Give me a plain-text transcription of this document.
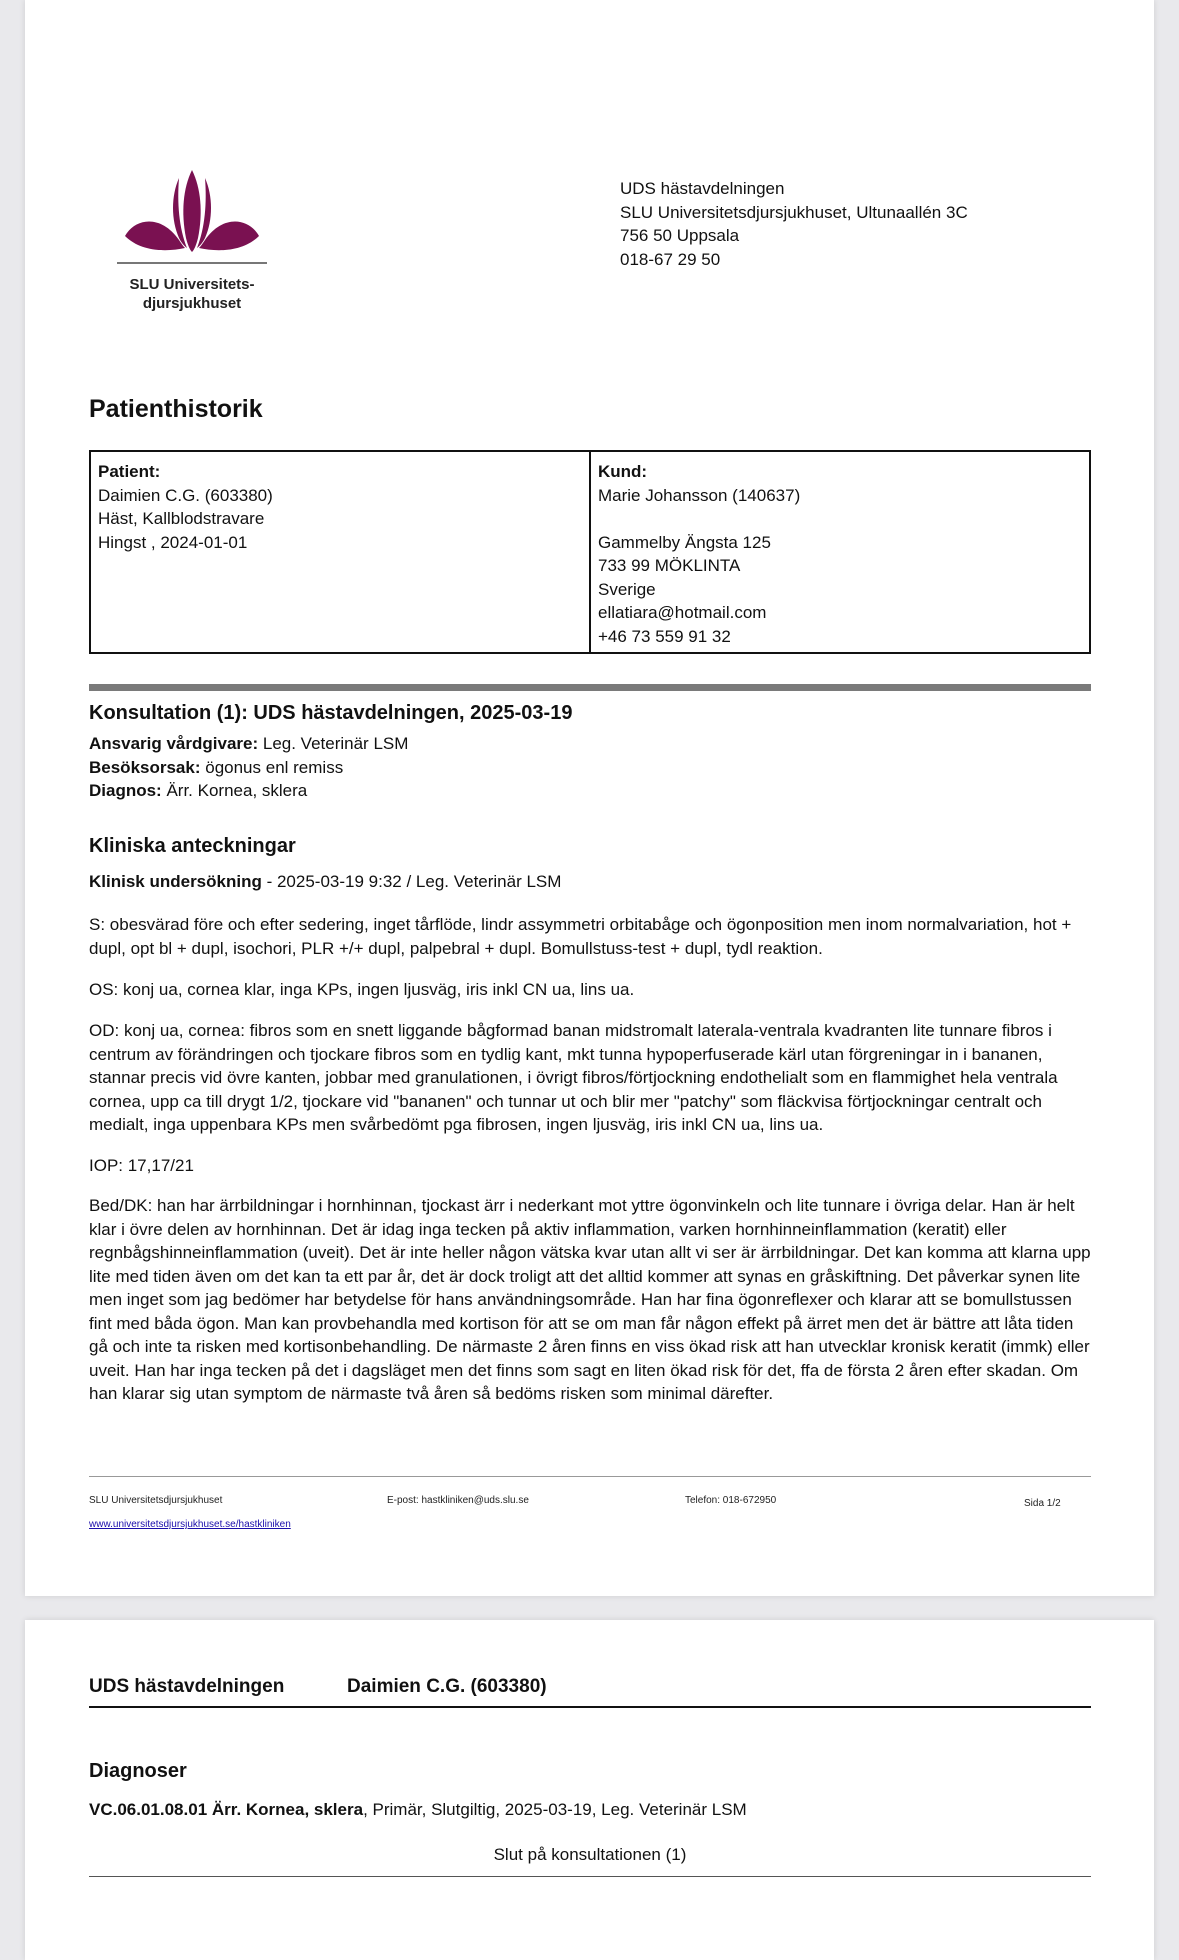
SLU Universitets-
djursjukhuset
UDS hästavdelningen
SLU Universitetsdjursjukhuset, Ultunaallén 3C
756 50 Uppsala
018-67 29 50
Patienthistorik
Patient:
Daimien C.G. (603380)
Häst, Kallblodstravare
Hingst , 2024-01-01
Kund:
Marie Johansson (140637)
Gammelby Ängsta 125
733 99 MÖKLINTA
Sverige
ellatiara@hotmail.com
+46 73 559 91 32
Konsultation (1): UDS hästavdelningen, 2025-03-19
Ansvarig vårdgivare: Leg. Veterinär LSM
Besöksorsak: ögonus enl remiss
Diagnos: Ärr. Kornea, sklera
Kliniska anteckningar
Klinisk undersökning - 2025-03-19 9:32 / Leg. Veterinär LSM

S: obesvärad före och efter sedering, inget tårflöde, lindr assymmetri orbitabåge och ögonposition men inom normalvariation, hot + dupl, opt bl + dupl, isochori, PLR +/+ dupl, palpebral + dupl. Bomullstuss-test + dupl, tydl reaktion.

OS: konj ua, cornea klar, inga KPs, ingen ljusväg, iris inkl CN ua, lins ua.

OD: konj ua, cornea: fibros som en snett liggande bågformad banan midstromalt laterala-ventrala kvadranten lite tunnare fibros i centrum av förändringen och tjockare fibros som en tydlig kant, mkt tunna hypoperfuserade kärl utan förgreningar in i bananen, stannar precis vid övre kanten, jobbar med granulationen, i övrigt fibros/förtjockning endothelialt som en flammighet hela ventrala cornea, upp ca till drygt 1/2, tjockare vid "bananen" och tunnar ut och blir mer "patchy" som fläckvisa förtjockningar centralt och medialt, inga uppenbara KPs men svårbedömt pga fibrosen, ingen ljusväg, iris inkl CN ua, lins ua.

IOP: 17,17/21

Bed/DK: han har ärrbildningar i hornhinnan, tjockast ärr i nederkant mot yttre ögonvinkeln och lite tunnare i övriga delar. Han är helt klar i övre delen av hornhinnan. Det är idag inga tecken på aktiv inflammation, varken hornhinneinflammation (keratit) eller regnbågshinneinflammation (uveit). Det är inte heller någon vätska kvar utan allt vi ser är ärrbildningar. Det kan komma att klarna upp lite med tiden även om det kan ta ett par år, det är dock troligt att det alltid kommer att synas en gråskiftning. Det påverkar synen lite men inget som jag bedömer har betydelse för hans användningsområde. Han har fina ögonreflexer och klarar att se bomullstussen fint med båda ögon. Man kan provbehandla med kortison för att se om man får någon effekt på ärret men det är bättre att låta tiden gå och inte ta risken med kortisonbehandling. De närmaste 2 åren finns en viss ökad risk att han utvecklar kronisk keratit (immk) eller uveit. Han har inga tecken på det i dagsläget men det finns som sagt en liten ökad risk för det, ffa de första 2 åren efter skadan. Om han klarar sig utan symptom de närmaste två åren så bedöms risken som minimal därefter.

SLU Universitetsdjursjukhuset	E-post: hastkliniken@uds.slu.se	Telefon: 018-672950	Sida 1/2
www.universitetsdjursjukhuset.se/hastkliniken
UDS hästavdelningen	Daimien C.G. (603380)
Diagnoser
VC.06.01.08.01 Ärr. Kornea, sklera, Primär, Slutgiltig, 2025-03-19, Leg. Veterinär LSM
Slut på konsultationen (1)
